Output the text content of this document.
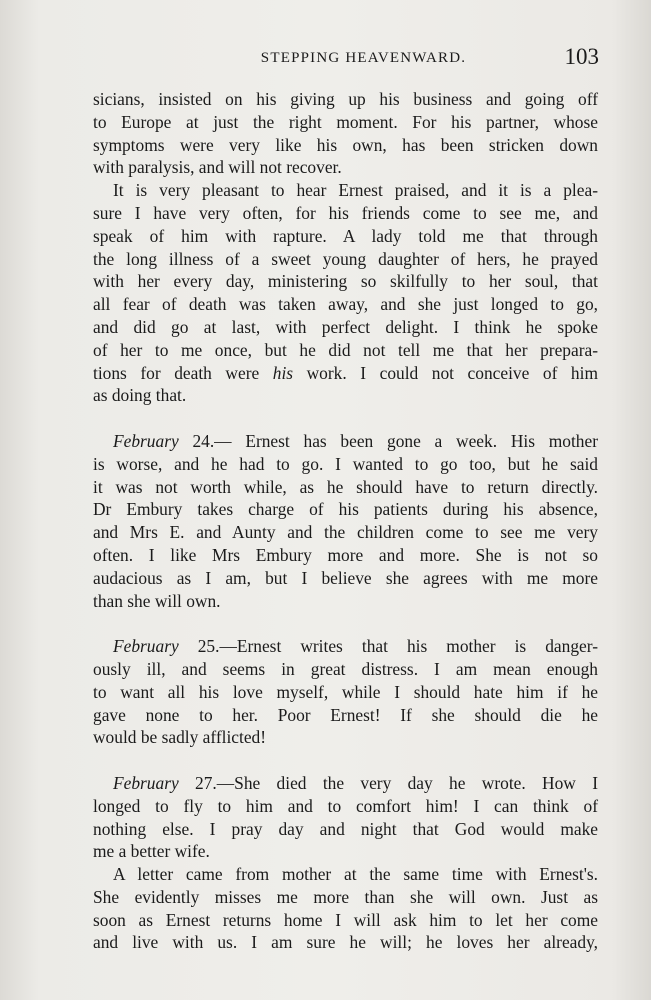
STEPPING HEAVENWARD.	103
sicians, insisted on his giving up his business and going off
to Europe at just the right moment. For his partner, whose
symptoms were very like his own, has been stricken down
with paralysis, and will not recover.
It is very pleasant to hear Ernest praised, and it is a plea-
sure I have very often, for his friends come to see me, and
speak of him with rapture. A lady told me that through
the long illness of a sweet young daughter of hers, he prayed
with her every day, ministering so skilfully to her soul, that
all fear of death was taken away, and she just longed to go,
and did go at last, with perfect delight. I think he spoke
of her to me once, but he did not tell me that her prepara-
tions for death were his work. I could not conceive of him
as doing that.
February 24.— Ernest has been gone a week. His mother
is worse, and he had to go. I wanted to go too, but he said
it was not worth while, as he should have to return directly.
Dr Embury takes charge of his patients during his absence,
and Mrs E. and Aunty and the children come to see me very
often. I like Mrs Embury more and more. She is not so
audacious as I am, but I believe she agrees with me more
than she will own.
February 25.—Ernest writes that his mother is danger-
ously ill, and seems in great distress. I am mean enough
to want all his love myself, while I should hate him if he
gave none to her. Poor Ernest! If she should die he
would be sadly afflicted!
February 27.—She died the very day he wrote. How I
longed to fly to him and to comfort him! I can think of
nothing else. I pray day and night that God would make
me a better wife.
A letter came from mother at the same time with Ernest's.
She evidently misses me more than she will own. Just as
soon as Ernest returns home I will ask him to let her come
and live with us. I am sure he will; he loves her already,
